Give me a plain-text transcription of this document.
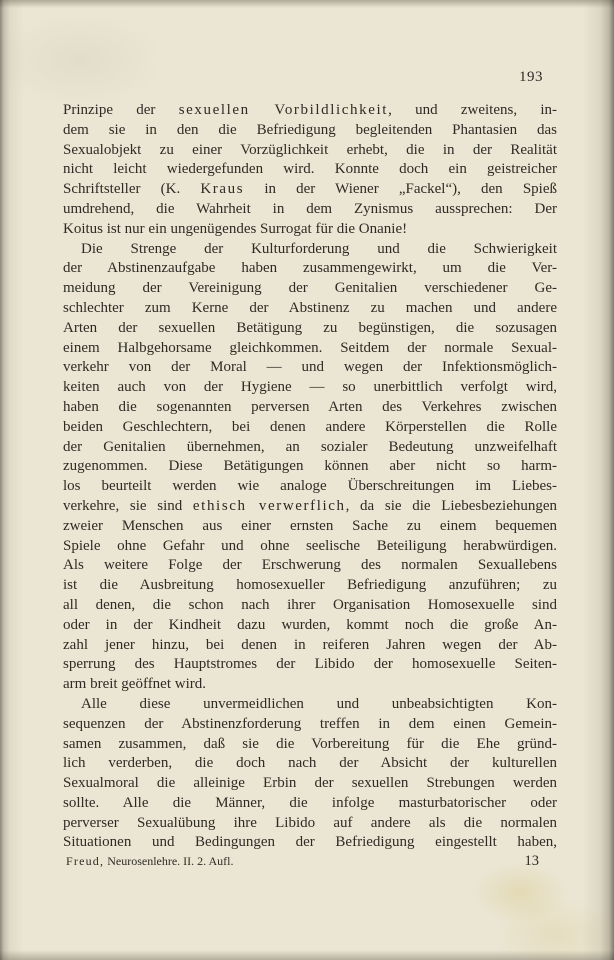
193
Prinzipe der sexuellen Vorbildlichkeit, und zweitens, in-
dem sie in den die Befriedigung begleitenden Phantasien das
Sexualobjekt zu einer Vorzüglichkeit erhebt, die in der Realität
nicht leicht wiedergefunden wird. Konnte doch ein geistreicher
Schriftsteller (K. Kraus in der Wiener „Fackel“), den Spieß
umdrehend, die Wahrheit in dem Zynismus aussprechen: Der
Koitus ist nur ein ungenügendes Surrogat für die Onanie!
Die Strenge der Kulturforderung und die Schwierigkeit
der Abstinenzaufgabe haben zusammengewirkt, um die Ver-
meidung der Vereinigung der Genitalien verschiedener Ge-
schlechter zum Kerne der Abstinenz zu machen und andere
Arten der sexuellen Betätigung zu begünstigen, die sozusagen
einem Halbgehorsame gleichkommen. Seitdem der normale Sexual-
verkehr von der Moral — und wegen der Infektionsmöglich-
keiten auch von der Hygiene — so unerbittlich verfolgt wird,
haben die sogenannten perversen Arten des Verkehres zwischen
beiden Geschlechtern, bei denen andere Körperstellen die Rolle
der Genitalien übernehmen, an sozialer Bedeutung unzweifelhaft
zugenommen. Diese Betätigungen können aber nicht so harm-
los beurteilt werden wie analoge Überschreitungen im Liebes-
verkehre, sie sind ethisch verwerflich, da sie die Liebesbeziehungen
zweier Menschen aus einer ernsten Sache zu einem bequemen
Spiele ohne Gefahr und ohne seelische Beteiligung herabwürdigen.
Als weitere Folge der Erschwerung des normalen Sexuallebens
ist die Ausbreitung homosexueller Befriedigung anzuführen; zu
all denen, die schon nach ihrer Organisation Homosexuelle sind
oder in der Kindheit dazu wurden, kommt noch die große An-
zahl jener hinzu, bei denen in reiferen Jahren wegen der Ab-
sperrung des Hauptstromes der Libido der homosexuelle Seiten-
arm breit geöffnet wird.
Alle diese unvermeidlichen und unbeabsichtigten Kon-
sequenzen der Abstinenzforderung treffen in dem einen Gemein-
samen zusammen, daß sie die Vorbereitung für die Ehe gründ-
lich verderben, die doch nach der Absicht der kulturellen
Sexualmoral die alleinige Erbin der sexuellen Strebungen werden
sollte. Alle die Männer, die infolge masturbatorischer oder
perverser Sexualübung ihre Libido auf andere als die normalen
Situationen und Bedingungen der Befriedigung eingestellt haben,
Freud, Neurosenlehre. II. 2. Aufl.	13
